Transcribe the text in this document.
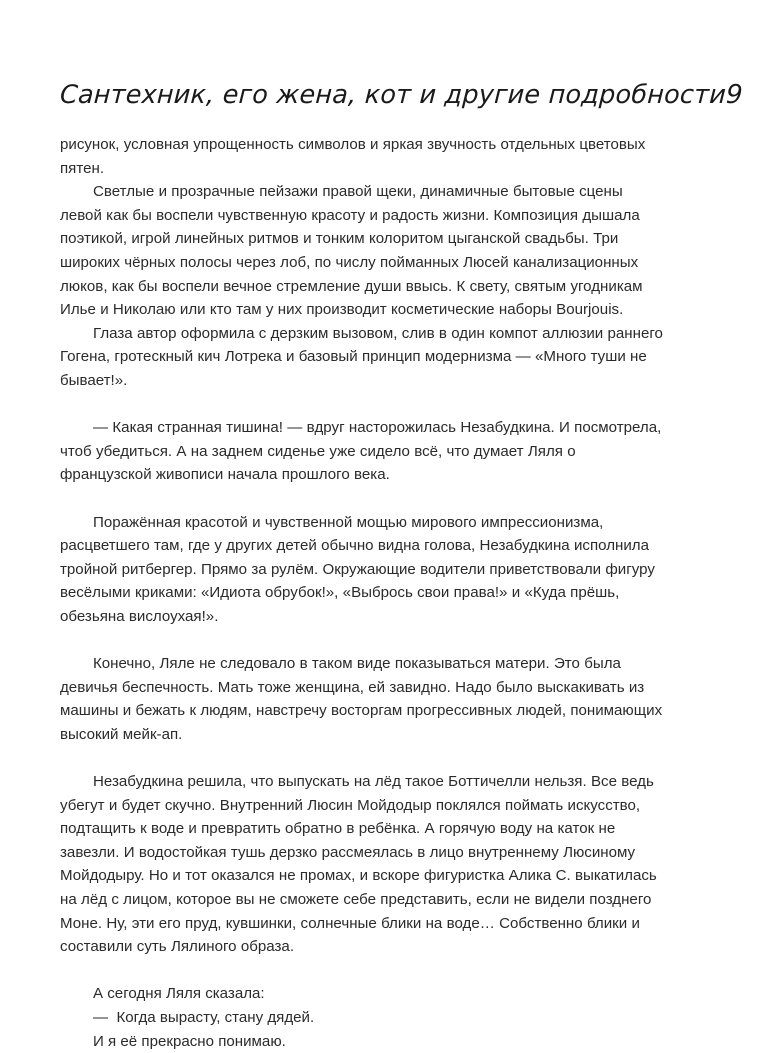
Сантехник, его жена, кот и другие подробности
9

рисунок, условная упрощенность символов и яркая звучность отдельных цветовых пятен.

Светлые и прозрачные пейзажи правой щеки, динамичные бытовые сцены левой как бы воспели чувственную красоту и радость жизни. Композиция дышала поэтикой, игрой линейных ритмов и тонким колоритом цыганской свадьбы. Три широких чёрных полосы через лоб, по числу пойманных Люсей канализационных люков, как бы воспели вечное стремление души ввысь. К свету, святым угодникам Илье и Николаю или кто там у них производит косметические наборы Bourjouis.

Глаза автор оформила с дерзким вызовом, слив в один компот аллюзии раннего Гогена, гротескный кич Лотрека и базовый принцип модернизма — «Много туши не бывает!».

— Какая странная тишина! — вдруг насторожилась Незабудкина. И посмотрела, чтоб убедиться. А на заднем сиденье уже сидело всё, что думает Ляля о французской живописи начала прошлого века.

Поражённая красотой и чувственной мощью мирового импрессионизма, расцветшего там, где у других детей обычно видна голова, Незабудкина исполнила тройной ритбергер. Прямо за рулём. Окружающие водители приветствовали фигуру весёлыми криками: «Идиота обрубок!», «Выбрось свои права!» и «Куда прёшь, обезьяна вислоухая!».

Конечно, Ляле не следовало в таком виде показываться матери. Это была девичья беспечность. Мать тоже женщина, ей завидно. Надо было выскакивать из машины и бежать к людям, навстречу восторгам прогрессивных людей, понимающих высокий мейк-ап.

Незабудкина решила, что выпускать на лёд такое Боттичелли нельзя. Все ведь убегут и будет скучно. Внутренний Люсин Мойдодыр поклялся поймать искусство, подтащить к воде и превратить обратно в ребёнка. А горячую воду на каток не завезли. И водостойкая тушь дерзко рассмеялась в лицо внутреннему Люсиному Мойдодыру. Но и тот оказался не промах, и вскоре фигуристка Алика С. выкатилась на лёд с лицом, которое вы не сможете себе представить, если не видели позднего Моне. Ну, эти его пруд, кувшинки, солнечные блики на воде… Собственно блики и составили суть Лялиного образа.

А сегодня Ляля сказала:
—  Когда вырасту, стану дядей.
И я её прекрасно понимаю.
